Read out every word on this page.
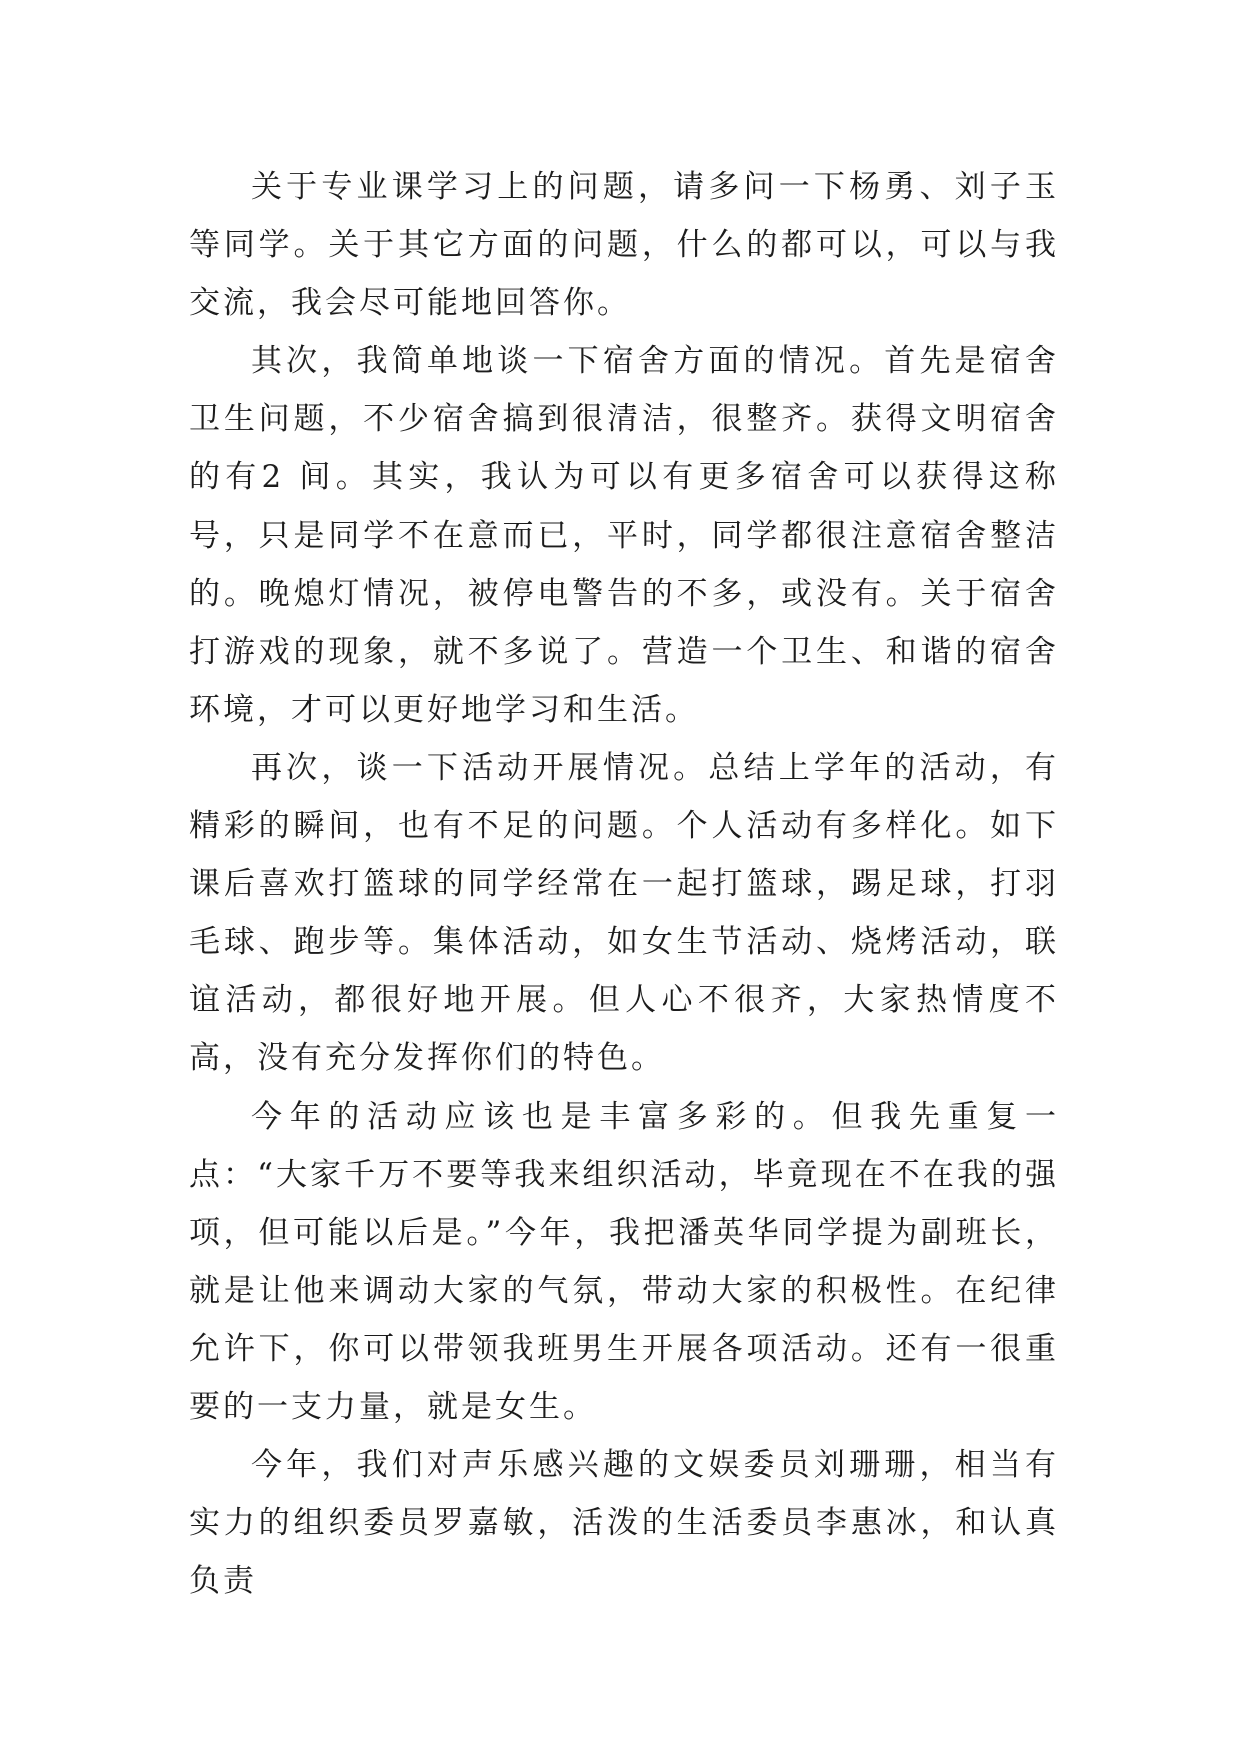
关于专业课学习上的问题，请多问一下杨勇、刘子玉等同学。关于其它方面的问题，什么的都可以，可以与我交流，我会尽可能地回答你。

其次，我简单地谈一下宿舍方面的情况。首先是宿舍卫生问题，不少宿舍搞到很清洁，很整齐。获得文明宿舍的有2 间。其实，我认为可以有更多宿舍可以获得这称号，只是同学不在意而已，平时，同学都很注意宿舍整洁的。晚熄灯情况，被停电警告的不多，或没有。关于宿舍打游戏的现象，就不多说了。营造一个卫生、和谐的宿舍环境，才可以更好地学习和生活。

再次，谈一下活动开展情况。总结上学年的活动，有精彩的瞬间，也有不足的问题。个人活动有多样化。如下课后喜欢打篮球的同学经常在一起打篮球，踢足球，打羽毛球、跑步等。集体活动，如女生节活动、烧烤活动，联谊活动，都很好地开展。但人心不很齐，大家热情度不高，没有充分发挥你们的特色。

今年的活动应该也是丰富多彩的。但我先重复一点：“大家千万不要等我来组织活动，毕竟现在不在我的强项，但可能以后是。”今年，我把潘英华同学提为副班长，就是让他来调动大家的气氛，带动大家的积极性。在纪律允许下，你可以带领我班男生开展各项活动。还有一很重要的一支力量，就是女生。

今年，我们对声乐感兴趣的文娱委员刘珊珊，相当有实力的组织委员罗嘉敏，活泼的生活委员李惠冰，和认真负责
